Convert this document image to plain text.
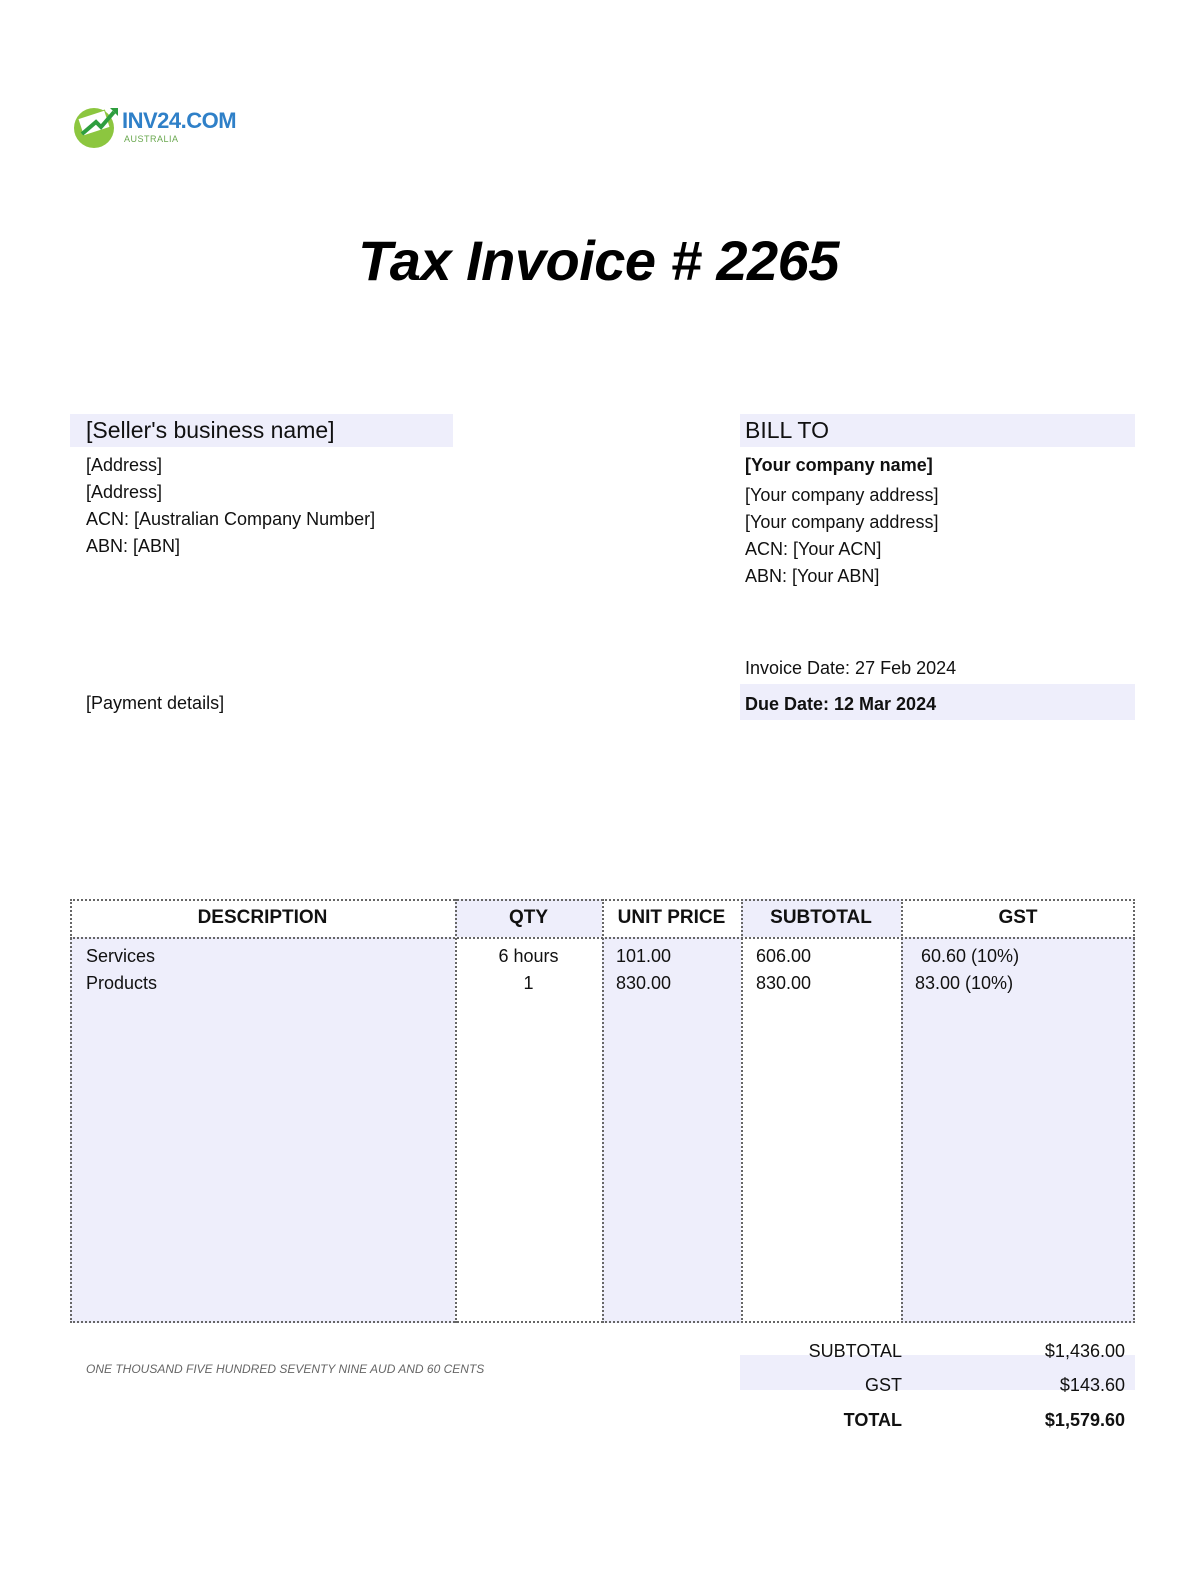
INV24.COM
AUSTRALIA
Tax Invoice # 2265
[Seller's business name]
[Address]
[Address]
ACN: [Australian Company Number]
ABN: [ABN]
[Payment details]
BILL TO
[Your company name]
[Your company address]
[Your company address]
ACN: [Your ACN]
ABN: [Your ABN]
Invoice Date: 27 Feb 2024
Due Date: 12 Mar 2024
DESCRIPTION	QTY	UNIT PRICE	SUBTOTAL	GST
Services	6 hours	101.00	606.00	60.60 (10%)
Products	1	830.00	830.00	83.00 (10%)
ONE THOUSAND FIVE HUNDRED SEVENTY NINE AUD AND 60 CENTS
SUBTOTAL	$1,436.00
GST	$143.60
TOTAL	$1,579.60
